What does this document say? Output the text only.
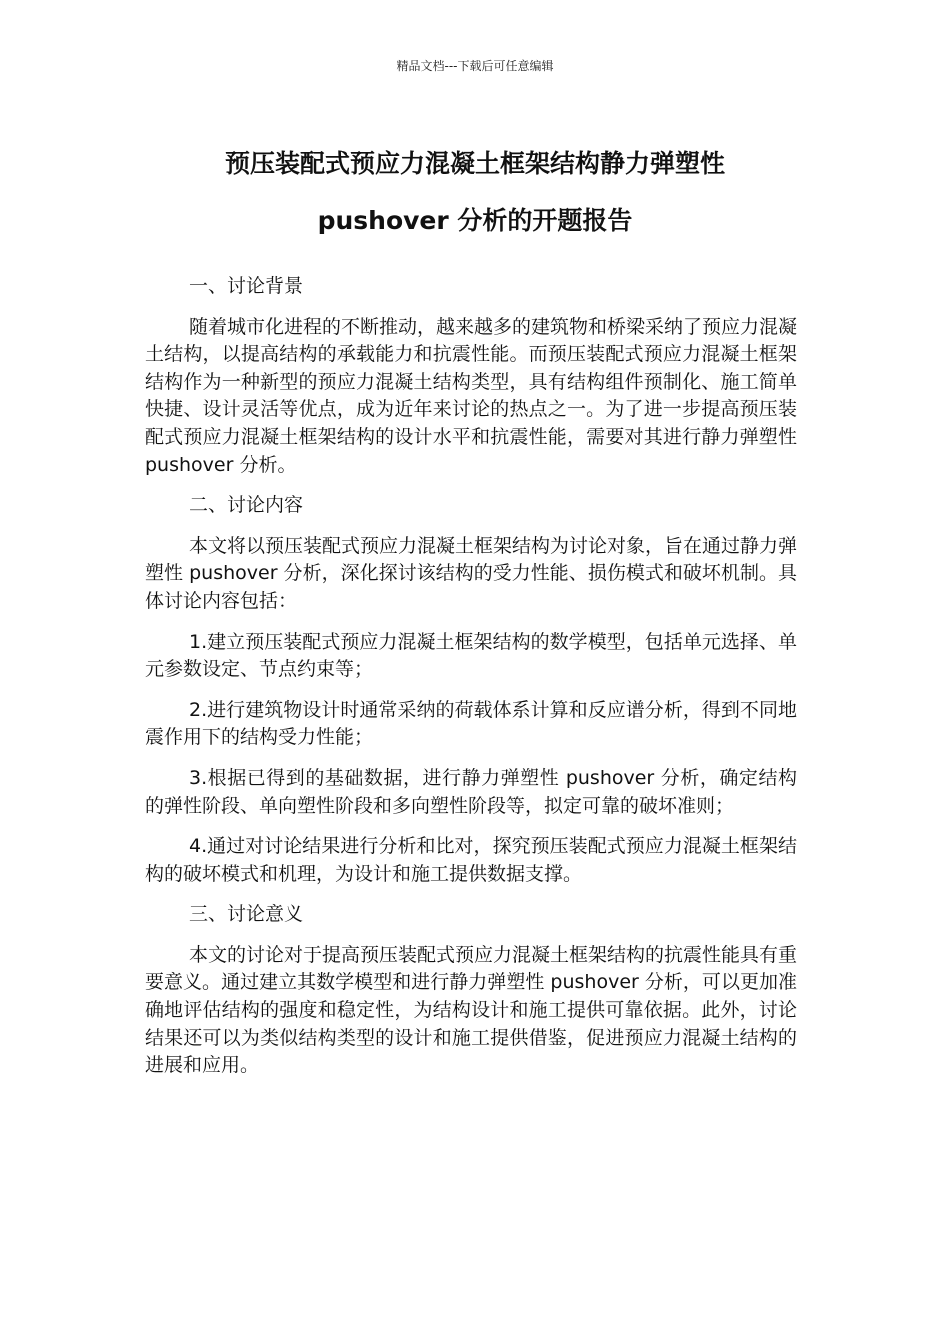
精品文档---下载后可任意编辑
预压装配式预应力混凝土框架结构静力弹塑性
pushover 分析的开题报告

一、讨论背景

随着城市化进程的不断推动，越来越多的建筑物和桥梁采纳了预应力混凝土结构，以提高结构的承载能力和抗震性能。而预压装配式预应力混凝土框架结构作为一种新型的预应力混凝土结构类型，具有结构组件预制化、施工简单快捷、设计灵活等优点，成为近年来讨论的热点之一。为了进一步提高预压装配式预应力混凝土框架结构的设计水平和抗震性能，需要对其进行静力弹塑性 pushover 分析。

二、讨论内容

本文将以预压装配式预应力混凝土框架结构为讨论对象，旨在通过静力弹塑性 pushover 分析，深化探讨该结构的受力性能、损伤模式和破坏机制。具体讨论内容包括：

1.建立预压装配式预应力混凝土框架结构的数学模型，包括单元选择、单元参数设定、节点约束等；

2.进行建筑物设计时通常采纳的荷载体系计算和反应谱分析，得到不同地震作用下的结构受力性能；

3.根据已得到的基础数据，进行静力弹塑性 pushover 分析，确定结构的弹性阶段、单向塑性阶段和多向塑性阶段等，拟定可靠的破坏准则；

4.通过对讨论结果进行分析和比对，探究预压装配式预应力混凝土框架结构的破坏模式和机理，为设计和施工提供数据支撑。

三、讨论意义

本文的讨论对于提高预压装配式预应力混凝土框架结构的抗震性能具有重要意义。通过建立其数学模型和进行静力弹塑性 pushover 分析，可以更加准确地评估结构的强度和稳定性，为结构设计和施工提供可靠依据。此外，讨论结果还可以为类似结构类型的设计和施工提供借鉴，促进预应力混凝土结构的进展和应用。
